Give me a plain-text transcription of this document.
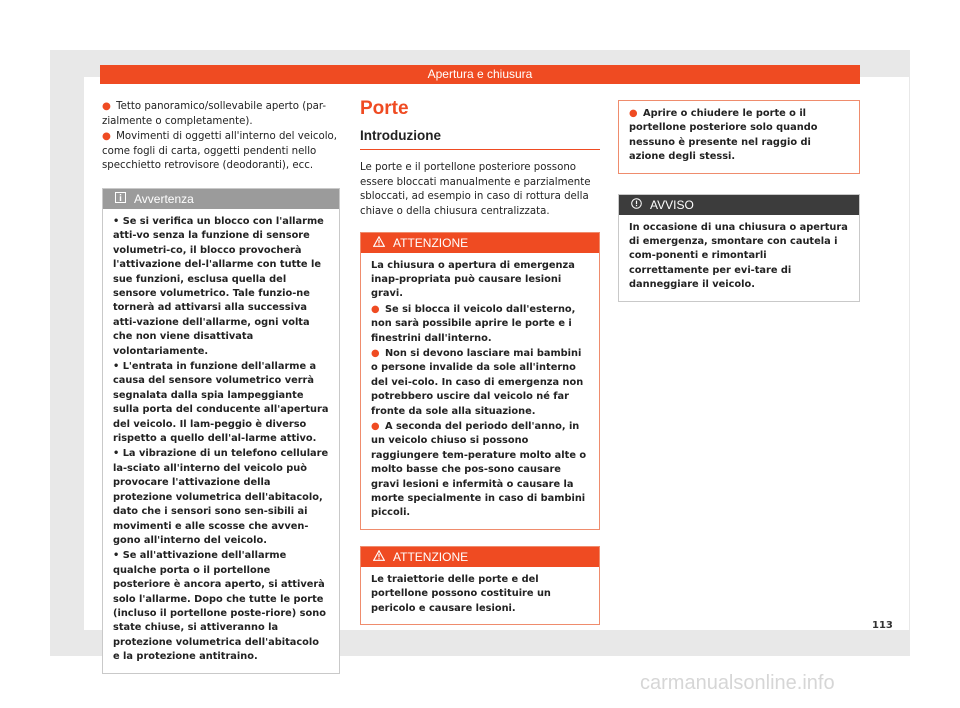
Apertura e chiusura

● Tetto panoramico/sollevabile aperto (par-zialmente o completamente).

● Movimenti di oggetti all'interno del veicolo, come fogli di carta, oggetti pendenti nello specchietto retrovisore (deodoranti), ecc.

Avvertenza

• Se si verifica un blocco con l'allarme atti-vo senza la funzione di sensore volumetri-co, il blocco provocherà l'attivazione del-l'allarme con tutte le sue funzioni, esclusa quella del sensore volumetrico. Tale funzio-ne tornerà ad attivarsi alla successiva atti-vazione dell'allarme, ogni volta che non viene disattivata volontariamente.

• L'entrata in funzione dell'allarme a causa del sensore volumetrico verrà segnalata dalla spia lampeggiante sulla porta del conducente all'apertura del veicolo. Il lam-peggio è diverso rispetto a quello dell'al-larme attivo.

• La vibrazione di un telefono cellulare la-sciato all'interno del veicolo può provocare l'attivazione della protezione volumetrica dell'abitacolo, dato che i sensori sono sen-sibili ai movimenti e alle scosse che avven-gono all'interno del veicolo.

• Se all'attivazione dell'allarme qualche porta o il portellone posteriore è ancora aperto, si attiverà solo l'allarme. Dopo che tutte le porte (incluso il portellone poste-riore) sono state chiuse, si attiveranno la protezione volumetrica dell'abitacolo e la protezione antitraino.

Porte
Introduzione

Le porte e il portellone posteriore possono essere bloccati manualmente e parzialmente sbloccati, ad esempio in caso di rottura della chiave o della chiusura centralizzata.

ATTENZIONE

La chiusura o apertura di emergenza inap-propriata può causare lesioni gravi.

● Se si blocca il veicolo dall'esterno, non sarà possibile aprire le porte e i finestrini dall'interno.

● Non si devono lasciare mai bambini o persone invalide da sole all'interno del vei-colo. In caso di emergenza non potrebbero uscire dal veicolo né far fronte da sole alla situazione.

● A seconda del periodo dell'anno, in un veicolo chiuso si possono raggiungere tem-perature molto alte o molto basse che pos-sono causare gravi lesioni e infermità o causare la morte specialmente in caso di bambini piccoli.

ATTENZIONE

Le traiettorie delle porte e del portellone possono costituire un pericolo e causare lesioni.

● Aprire o chiudere le porte o il portellone posteriore solo quando nessuno è presente nel raggio di azione degli stessi.

AVVISO

In occasione di una chiusura o apertura di emergenza, smontare con cautela i com-ponenti e rimontarli correttamente per evi-tare di danneggiare il veicolo.

113
carmanualsonline.info
